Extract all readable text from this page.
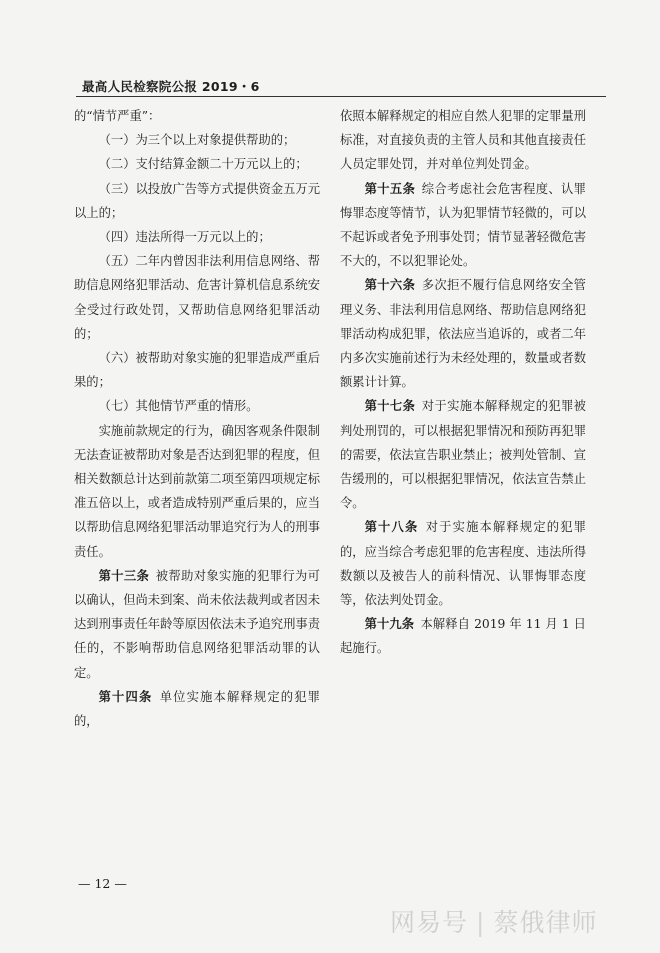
最高人民检察院公报 2019・6

的“情节严重”：

（一）为三个以上对象提供帮助的；

（二）支付结算金额二十万元以上的；

（三）以投放广告等方式提供资金五万元以上的；

（四）违法所得一万元以上的；

（五）二年内曾因非法利用信息网络、帮助信息网络犯罪活动、危害计算机信息系统安全受过行政处罚，又帮助信息网络犯罪活动的；

（六）被帮助对象实施的犯罪造成严重后果的；

（七）其他情节严重的情形。

实施前款规定的行为，确因客观条件限制无法查证被帮助对象是否达到犯罪的程度，但相关数额总计达到前款第二项至第四项规定标准五倍以上，或者造成特别严重后果的，应当以帮助信息网络犯罪活动罪追究行为人的刑事责任。

第十三条  被帮助对象实施的犯罪行为可以确认，但尚未到案、尚未依法裁判或者因未达到刑事责任年龄等原因依法未予追究刑事责任的，不影响帮助信息网络犯罪活动罪的认定。

第十四条  单位实施本解释规定的犯罪的，

依照本解释规定的相应自然人犯罪的定罪量刑标准，对直接负责的主管人员和其他直接责任人员定罪处罚，并对单位判处罚金。

第十五条  综合考虑社会危害程度、认罪悔罪态度等情节，认为犯罪情节轻微的，可以不起诉或者免予刑事处罚；情节显著轻微危害不大的，不以犯罪论处。

第十六条  多次拒不履行信息网络安全管理义务、非法利用信息网络、帮助信息网络犯罪活动构成犯罪，依法应当追诉的，或者二年内多次实施前述行为未经处理的，数量或者数额累计计算。

第十七条  对于实施本解释规定的犯罪被判处刑罚的，可以根据犯罪情况和预防再犯罪的需要，依法宣告职业禁止；被判处管制、宣告缓刑的，可以根据犯罪情况，依法宣告禁止令。

第十八条  对于实施本解释规定的犯罪的，应当综合考虑犯罪的危害程度、违法所得数额以及被告人的前科情况、认罪悔罪态度等，依法判处罚金。

第十九条  本解释自 2019 年 11 月 1 日起施行。

— 12 —
网易号 | 蔡俄律师
